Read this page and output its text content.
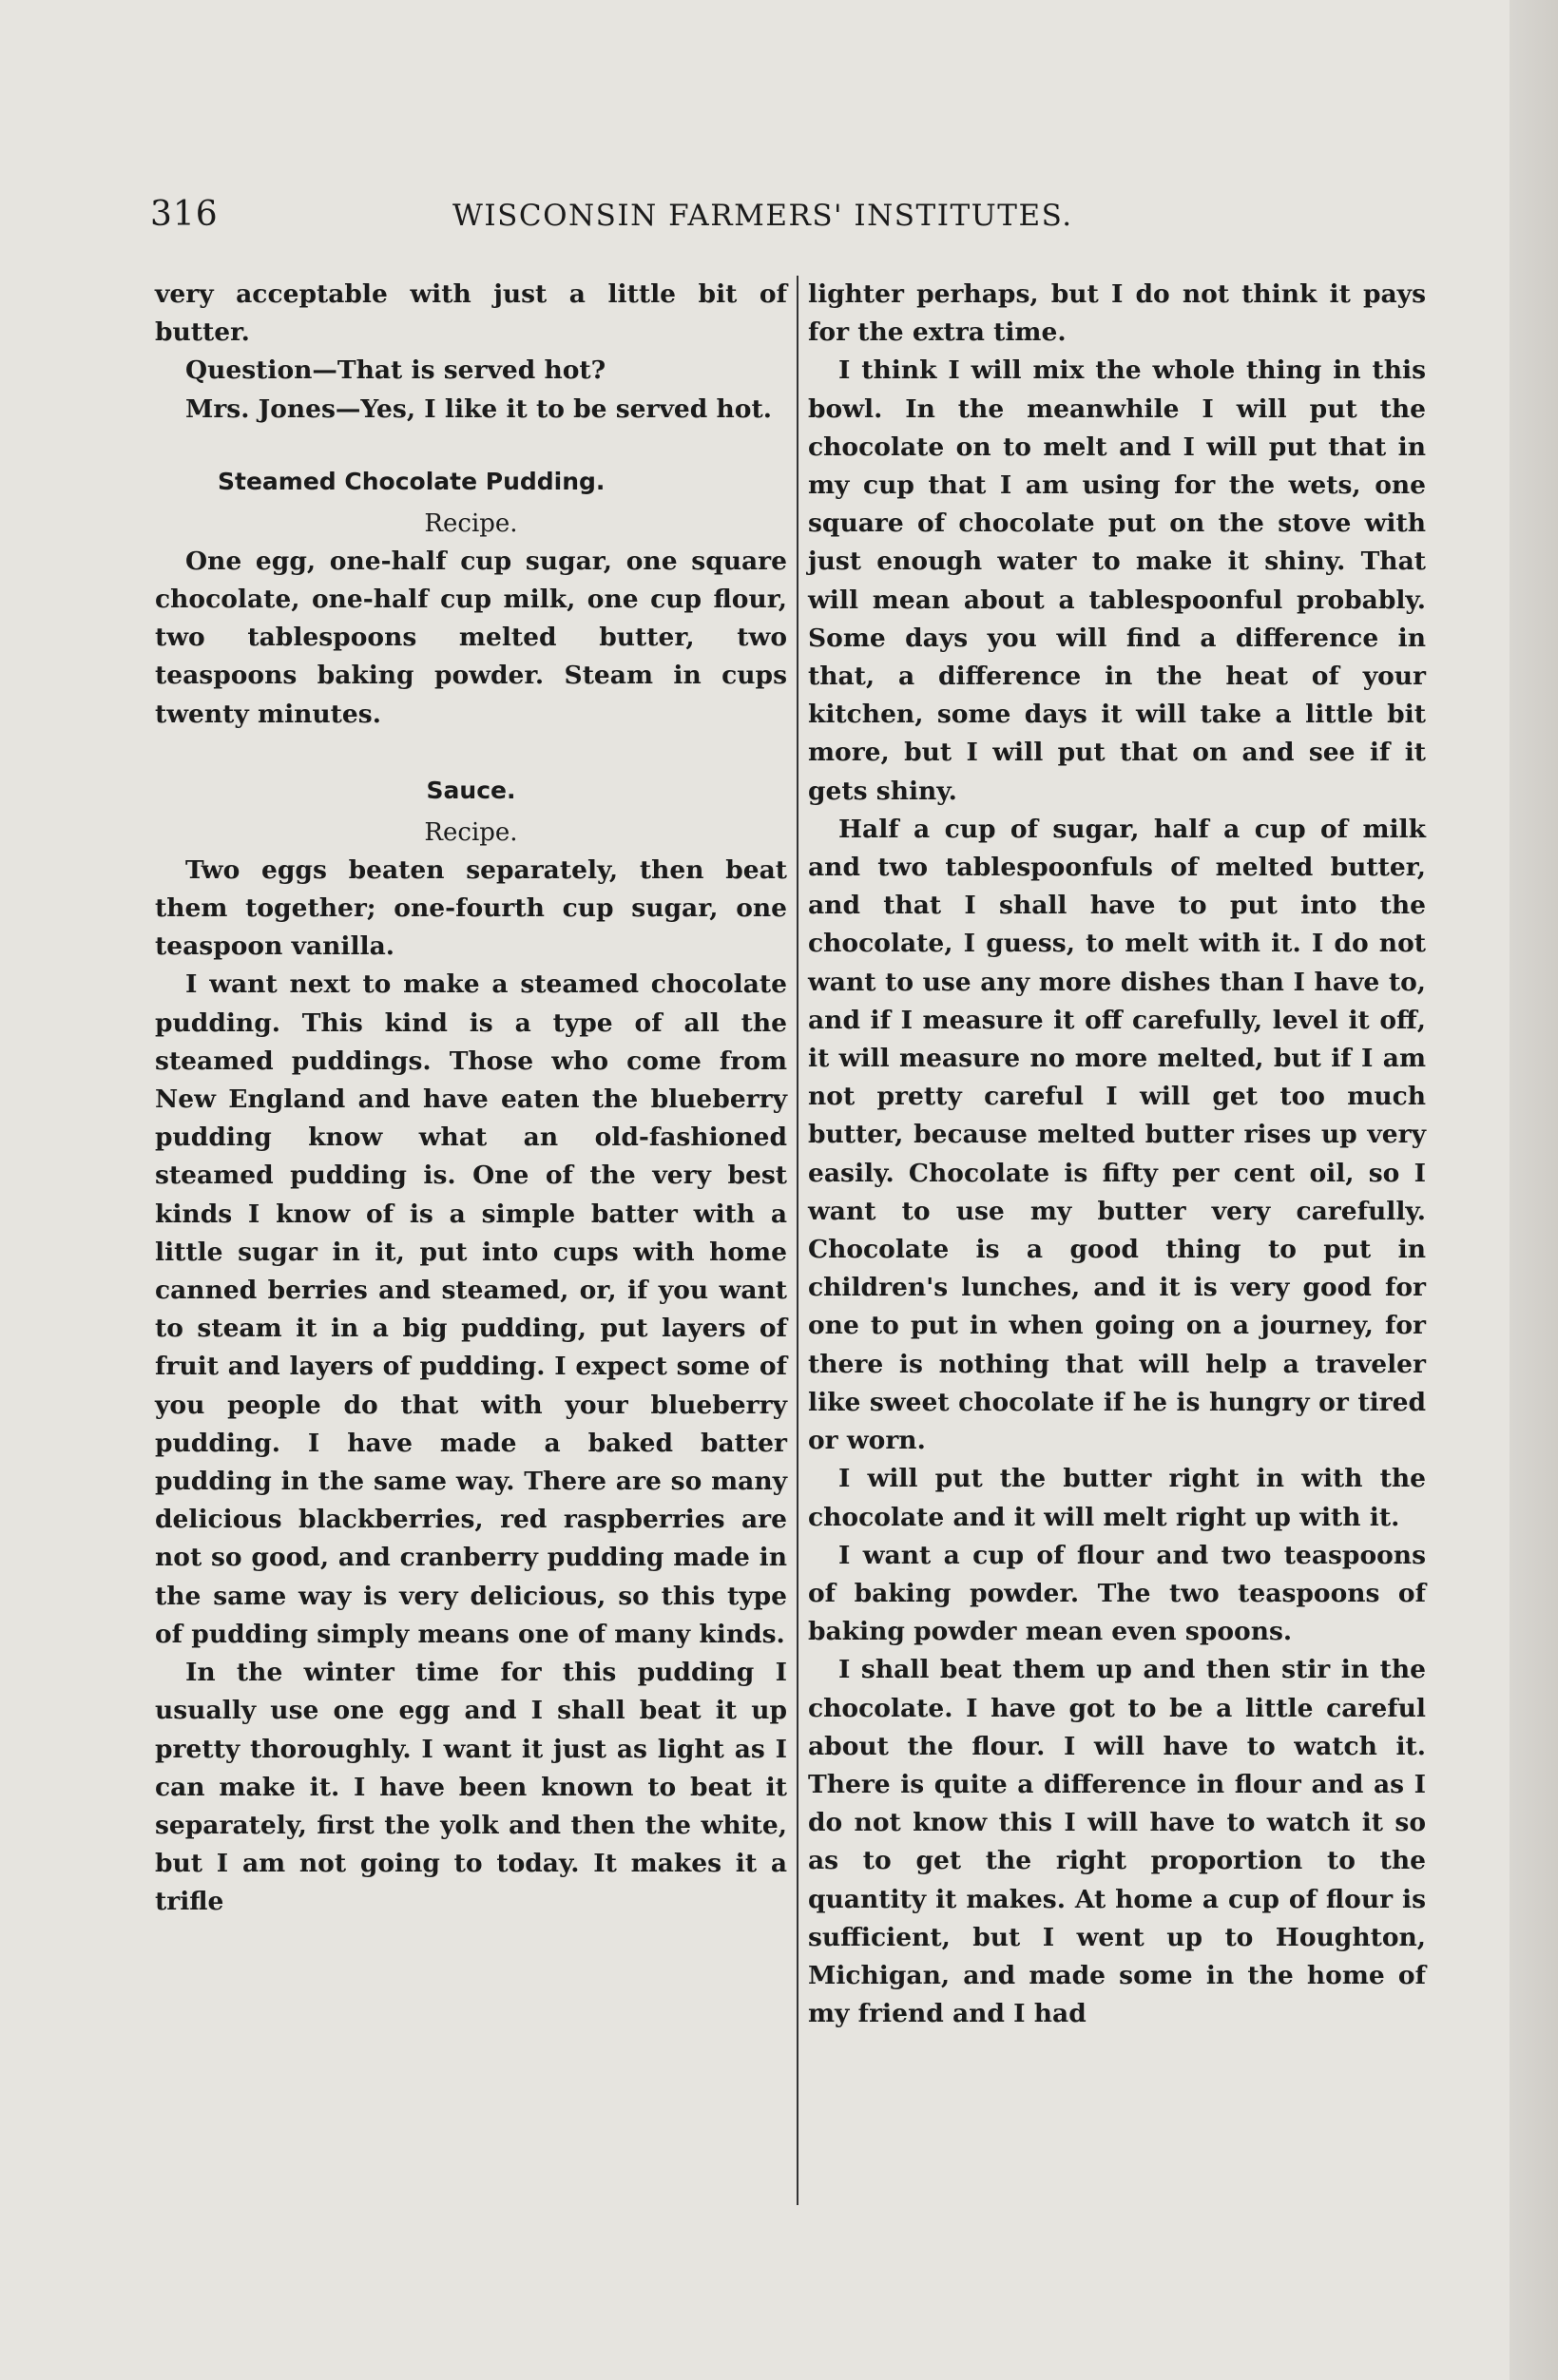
316	WISCONSIN FARMERS' INSTITUTES.

very acceptable with just a little bit of butter.

Question—That is served hot?

Mrs. Jones—Yes, I like it to be served hot.

Steamed Chocolate Pudding.
Recipe.

One egg, one-half cup sugar, one square chocolate, one-half cup milk, one cup flour, two tablespoons melted butter, two teaspoons baking powder. Steam in cups twenty minutes.

Sauce.
Recipe.

Two eggs beaten separately, then beat them together; one-fourth cup sugar, one teaspoon vanilla.

I want next to make a steamed chocolate pudding. This kind is a type of all the steamed puddings. Those who come from New England and have eaten the blueberry pudding know what an old-fashioned steamed pudding is. One of the very best kinds I know of is a simple batter with a little sugar in it, put into cups with home canned berries and steamed, or, if you want to steam it in a big pudding, put layers of fruit and layers of pudding. I expect some of you people do that with your blueberry pudding. I have made a baked batter pudding in the same way. There are so many delicious blackberries, red raspberries are not so good, and cranberry pudding made in the same way is very delicious, so this type of pudding simply means one of many kinds.

In the winter time for this pudding I usually use one egg and I shall beat it up pretty thoroughly. I want it just as light as I can make it. I have been known to beat it separately, first the yolk and then the white, but I am not going to today. It makes it a trifle

lighter perhaps, but I do not think it pays for the extra time.

I think I will mix the whole thing in this bowl. In the meanwhile I will put the chocolate on to melt and I will put that in my cup that I am using for the wets, one square of chocolate put on the stove with just enough water to make it shiny. That will mean about a tablespoonful probably. Some days you will find a difference in that, a difference in the heat of your kitchen, some days it will take a little bit more, but I will put that on and see if it gets shiny.

Half a cup of sugar, half a cup of milk and two tablespoonfuls of melted butter, and that I shall have to put into the chocolate, I guess, to melt with it. I do not want to use any more dishes than I have to, and if I measure it off carefully, level it off, it will measure no more melted, but if I am not pretty careful I will get too much butter, because melted butter rises up very easily. Chocolate is fifty per cent oil, so I want to use my butter very carefully. Chocolate is a good thing to put in children's lunches, and it is very good for one to put in when going on a journey, for there is nothing that will help a traveler like sweet chocolate if he is hungry or tired or worn.

I will put the butter right in with the chocolate and it will melt right up with it.

I want a cup of flour and two teaspoons of baking powder. The two teaspoons of baking powder mean even spoons.

I shall beat them up and then stir in the chocolate. I have got to be a little careful about the flour. I will have to watch it. There is quite a difference in flour and as I do not know this I will have to watch it so as to get the right proportion to the quantity it makes. At home a cup of flour is sufficient, but I went up to Houghton, Michigan, and made some in the home of my friend and I had
